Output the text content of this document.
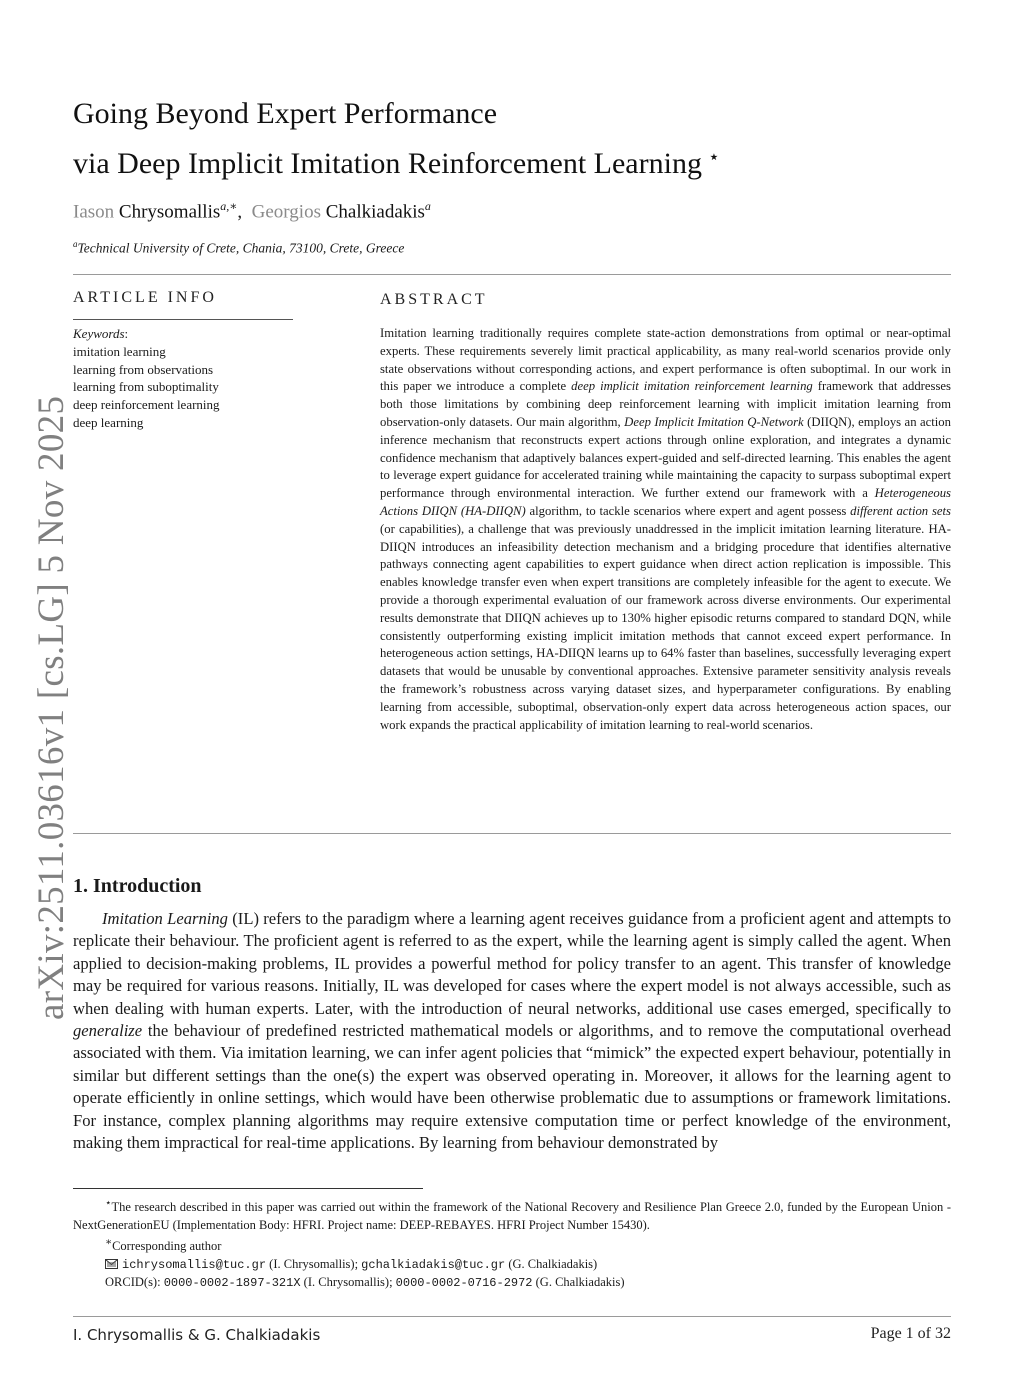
arXiv:2511.03616v1 [cs.LG] 5 Nov 2025
Going Beyond Expert Performance
via Deep Implicit Imitation Reinforcement Learning ⋆
Iason Chrysomallis$^{a,∗}$, Georgios Chalkiadakis$^a$
$^a$Technical University of Crete, Chania, 73100, Crete, Greece
ARTICLE INFO	ABSTRACT
Keywords:
imitation learning
learning from observations
learning from suboptimality
deep reinforcement learning
deep learning
Imitation learning traditionally requires complete state-action demonstrations from optimal or near-optimal experts. These requirements severely limit practical applicability, as many real-world scenarios provide only state observations without corresponding actions, and expert performance is often suboptimal. In our work in this paper we introduce a complete deep implicit imitation reinforcement learning framework that addresses both those limitations by combining deep reinforcement learning with implicit imitation learning from observation-only datasets. Our main algorithm, Deep Implicit Imitation Q-Network (DIIQN), employs an action inference mechanism that reconstructs expert actions through online exploration, and integrates a dynamic confidence mechanism that adaptively balances expert-guided and self-directed learning. This enables the agent to leverage expert guidance for accelerated training while maintaining the capacity to surpass suboptimal expert performance through environmental interaction. We further extend our framework with a Heterogeneous Actions DIIQN (HA-DIIQN) algorithm, to tackle scenarios where expert and agent possess different action sets (or capabilities), a challenge that was previously unaddressed in the implicit imitation learning literature. HA-DIIQN introduces an infeasibility detection mechanism and a bridging procedure that identifies alternative pathways connecting agent capabilities to expert guidance when direct action replication is impossible. This enables knowledge transfer even when expert transitions are completely infeasible for the agent to execute. We provide a thorough experimental evaluation of our framework across diverse environments. Our experimental results demonstrate that DIIQN achieves up to 130% higher episodic returns compared to standard DQN, while consistently outperforming existing implicit imitation methods that cannot exceed expert performance. In heterogeneous action settings, HA-DIIQN learns up to 64% faster than baselines, successfully leveraging expert datasets that would be unusable by conventional approaches. Extensive parameter sensitivity analysis reveals the framework’s robustness across varying dataset sizes, and hyperparameter configurations. By enabling learning from accessible, suboptimal, observation-only expert data across heterogeneous action spaces, our work expands the practical applicability of imitation learning to real-world scenarios.
1. Introduction

Imitation Learning (IL) refers to the paradigm where a learning agent receives guidance from a proficient agent and attempts to replicate their behaviour. The proficient agent is referred to as the expert, while the learning agent is simply called the agent. When applied to decision-making problems, IL provides a powerful method for policy transfer to an agent. This transfer of knowledge may be required for various reasons. Initially, IL was developed for cases where the expert model is not always accessible, such as when dealing with human experts. Later, with the introduction of neural networks, additional use cases emerged, specifically to generalize the behaviour of predefined restricted mathematical models or algorithms, and to remove the computational overhead associated with them. Via imitation learning, we can infer agent policies that “mimick” the expected expert behaviour, potentially in similar but different settings than the one(s) the expert was observed operating in. Moreover, it allows for the learning agent to operate efficiently in online settings, which would have been otherwise problematic due to assumptions or framework limitations. For instance, complex planning algorithms may require extensive computation time or perfect knowledge of the environment, making them impractical for real-time applications. By learning from behaviour demonstrated by

⋆The research described in this paper was carried out within the framework of the National Recovery and Resilience Plan Greece 2.0, funded by the European Union - NextGenerationEU (Implementation Body: HFRI. Project name: DEEP-REBAYES. HFRI Project Number 15430).

∗Corresponding author

ichrysomallis@tuc.gr (I. Chrysomallis); gchalkiadakis@tuc.gr (G. Chalkiadakis)

ORCID(s): 0000-0002-1897-321X (I. Chrysomallis); 0000-0002-0716-2972 (G. Chalkiadakis)

I. Chrysomallis & G. Chalkiadakis	Page 1 of 32
